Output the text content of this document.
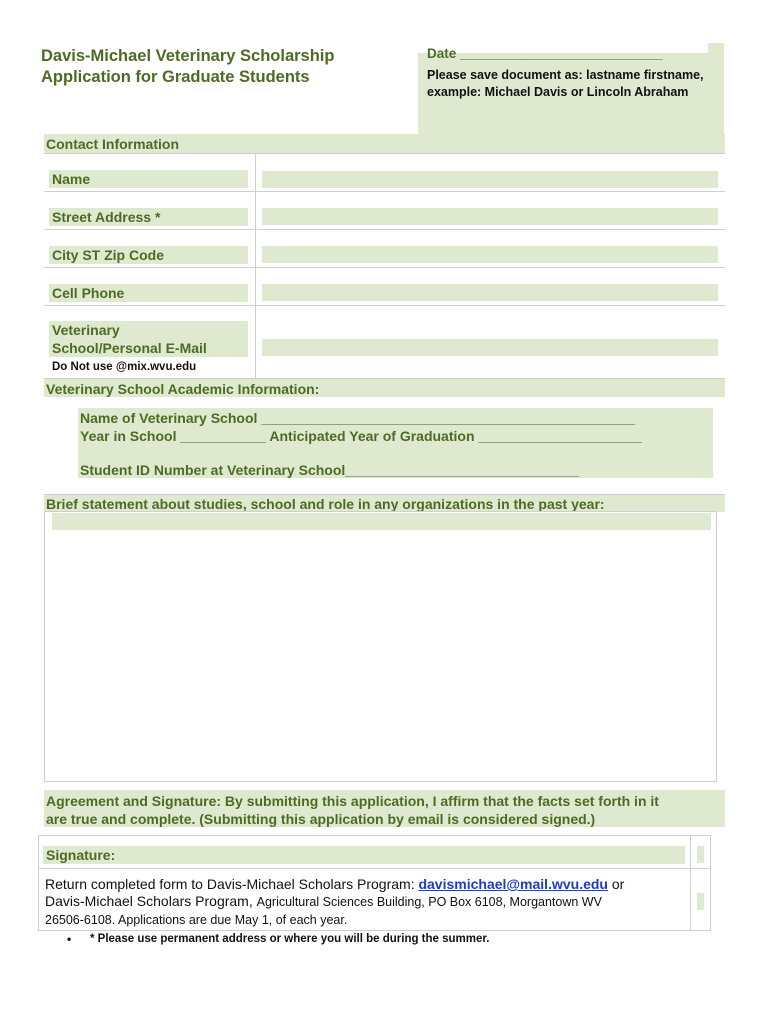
Davis-Michael Veterinary Scholarship
Application for Graduate Students
Date ___________________________
Please save document as: lastname firstname, example: Michael Davis or Lincoln Abraham
Contact Information
Name
Street Address *
City ST Zip Code
Cell Phone
Veterinary
School/Personal E-Mail
Do Not use @mix.wvu.edu
Veterinary School Academic Information:
Name of Veterinary School ________________________________________________
Year in School ___________ Anticipated Year of Graduation _____________________
Student ID Number at Veterinary School______________________________
Brief statement about studies, school and role in any organizations in the past year:
Agreement and Signature: By submitting this application, I affirm that the facts set forth in it
are true and complete. (Submitting this application by email is considered signed.)
Signature:
Return completed form to Davis-Michael Scholars Program: davismichael@mail.wvu.edu or
Davis-Michael Scholars Program, Agricultural Sciences Building, PO Box 6108, Morgantown WV
26506-6108. Applications are due May 1, of each year.
• * Please use permanent address or where you will be during the summer.
